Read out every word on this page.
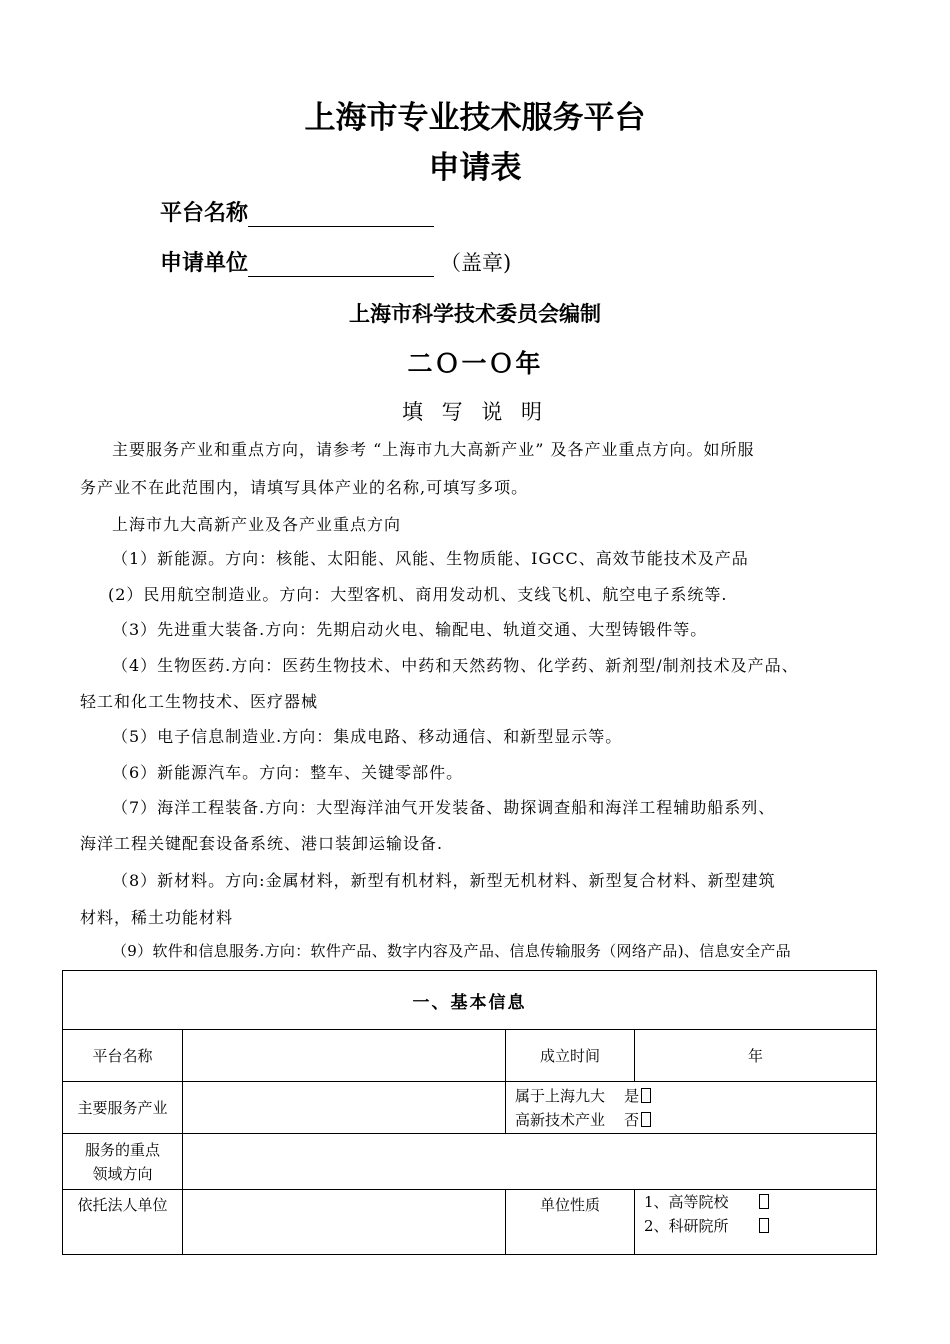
上海市专业技术服务平台
申请表
平台名称
申请单位	（盖章)
上海市科学技术委员会编制
二Ｏ一Ｏ年
填 写 说 明
主要服务产业和重点方向，请参考 “上海市九大高新产业” 及各产业重点方向。如所服
务产业不在此范围内，请填写具体产业的名称,可填写多项。
上海市九大高新产业及各产业重点方向
（1）新能源。方向：核能、太阳能、风能、生物质能、IGCC、高效节能技术及产品
(2）民用航空制造业。方向：大型客机、商用发动机、支线飞机、航空电子系统等.
（3）先进重大装备.方向：先期启动火电、输配电、轨道交通、大型铸锻件等。
（4）生物医药.方向：医药生物技术、中药和天然药物、化学药、新剂型/制剂技术及产品、
轻工和化工生物技术、医疗器械
（5）电子信息制造业.方向：集成电路、移动通信、和新型显示等。
（6）新能源汽车。方向：整车、关键零部件。
（7）海洋工程装备.方向：大型海洋油气开发装备、勘探调查船和海洋工程辅助船系列、
海洋工程关键配套设备系统、港口装卸运输设备.
（8）新材料。方向:金属材料，新型有机材料，新型无机材料、新型复合材料、新型建筑
材料，稀土功能材料
（9）软件和信息服务.方向：软件产品、数字内容及产品、信息传输服务（网络产品)、信息安全产品
一、基本信息			
平台名称		成立时间	年
主要服务产业		属于上海九大 是
高新技术产业 否	

服务的重点
领域方向			

依托法人单位		单位性质	1、高等院校
2、科研院所
